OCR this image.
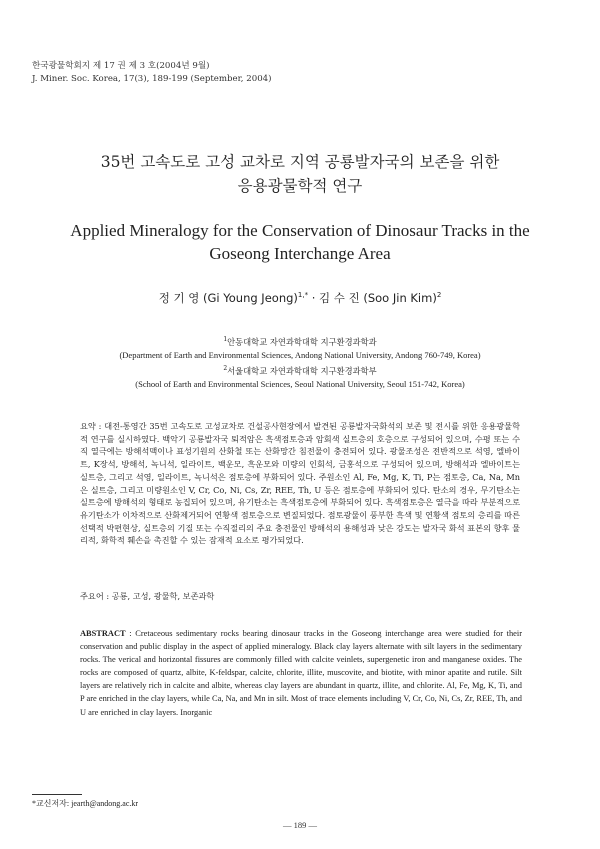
한국광물학회지 제 17 권 제 3 호(2004년 9월)
J. Miner. Soc. Korea, 17(3), 189-199 (September, 2004)
35번 고속도로 고성 교차로 지역 공룡발자국의 보존을 위한
응용광물학적 연구
Applied Mineralogy for the Conservation of Dinosaur Tracks in the
Goseong Interchange Area
정 기 영 (Gi Young Jeong)$^{1,*}$ · 김 수 진 (Soo Jin Kim)$^2$
$^1$안동대학교 자연과학대학 지구환경과학과
(Department of Earth and Environmental Sciences, Andong National University, Andong 760-749, Korea)
$^2$서울대학교 자연과학대학 지구환경과학부
(School of Earth and Environmental Sciences, Seoul National University, Seoul 151-742, Korea)
요약 : 대전-통영간 35번 고속도로 고성교차로 건설공사현장에서 발견된 공룡발자국화석의 보존 및 전시를 위한 응용광물학적 연구를 실시하였다. 백악기 공룡발자국 퇴적암은 흑색점토층과 암회색 실트층의 호층으로 구성되어 있으며, 수평 또는 수직 열극에는 방해석맥이나 표성기원의 산화철 또는 산화망간 침전물이 충전되어 있다. 광물조성은 전반적으로 석영, 엘바이트, K장석, 방해석, 녹니석, 일라이트, 백운모, 흑운모와 미량의 인회석, 금홍석으로 구성되어 있으며, 방해석과 엘바이트는 실트층, 그리고 석영, 일라이트, 녹니석은 점토층에 부화되어 있다. 주원소인 Al, Fe, Mg, K, Ti, P는 점토층, Ca, Na, Mn은 실트층, 그리고 미량원소인 V, Cr, Co, Ni, Cs, Zr, REE, Th, U 등은 점토층에 부화되어 있다. 탄소의 경우, 무기탄소는 실트층에 방해석의 형태로 농집되어 있으며, 유기탄소는 흑색점토층에 부화되어 있다. 흑색점토층은 열극을 따라 부분적으로 유기탄소가 이차적으로 산화제거되어 연황색 점토층으로 변질되었다. 점토광물이 풍부한 흑색 및 연황색 점토의 층리를 따른 선택적 박편현상, 실트층의 기질 또는 수직절리의 주요 충전물인 방해석의 용해성과 낮은 강도는 발자국 화석 표본의 향후 물리적, 화학적 훼손을 촉진할 수 있는 잠재적 요소로 평가되었다.
주요어 : 공룡, 고성, 광물학, 보존과학
ABSTRACT : Cretaceous sedimentary rocks bearing dinosaur tracks in the Goseong interchange area were studied for their conservation and public display in the aspect of applied mineralogy. Black clay layers alternate with silt layers in the sedimentary rocks. The verical and horizontal fissures are commonly filled with calcite veinlets, supergenetic iron and manganese oxides. The rocks are composed of quartz, albite, K-feldspar, calcite, chlorite, illite, muscovite, and biotite, with minor apatite and rutile. Silt layers are relatively rich in calcite and albite, whereas clay layers are abundant in quartz, illite, and chlorite. Al, Fe, Mg, K, Ti, and P are enriched in the clay layers, while Ca, Na, and Mn in silt. Most of trace elements including V, Cr, Co, Ni, Cs, Zr, REE, Th, and U are enriched in clay layers. Inorganic
*교신저자: jearth@andong.ac.kr
— 189 —
